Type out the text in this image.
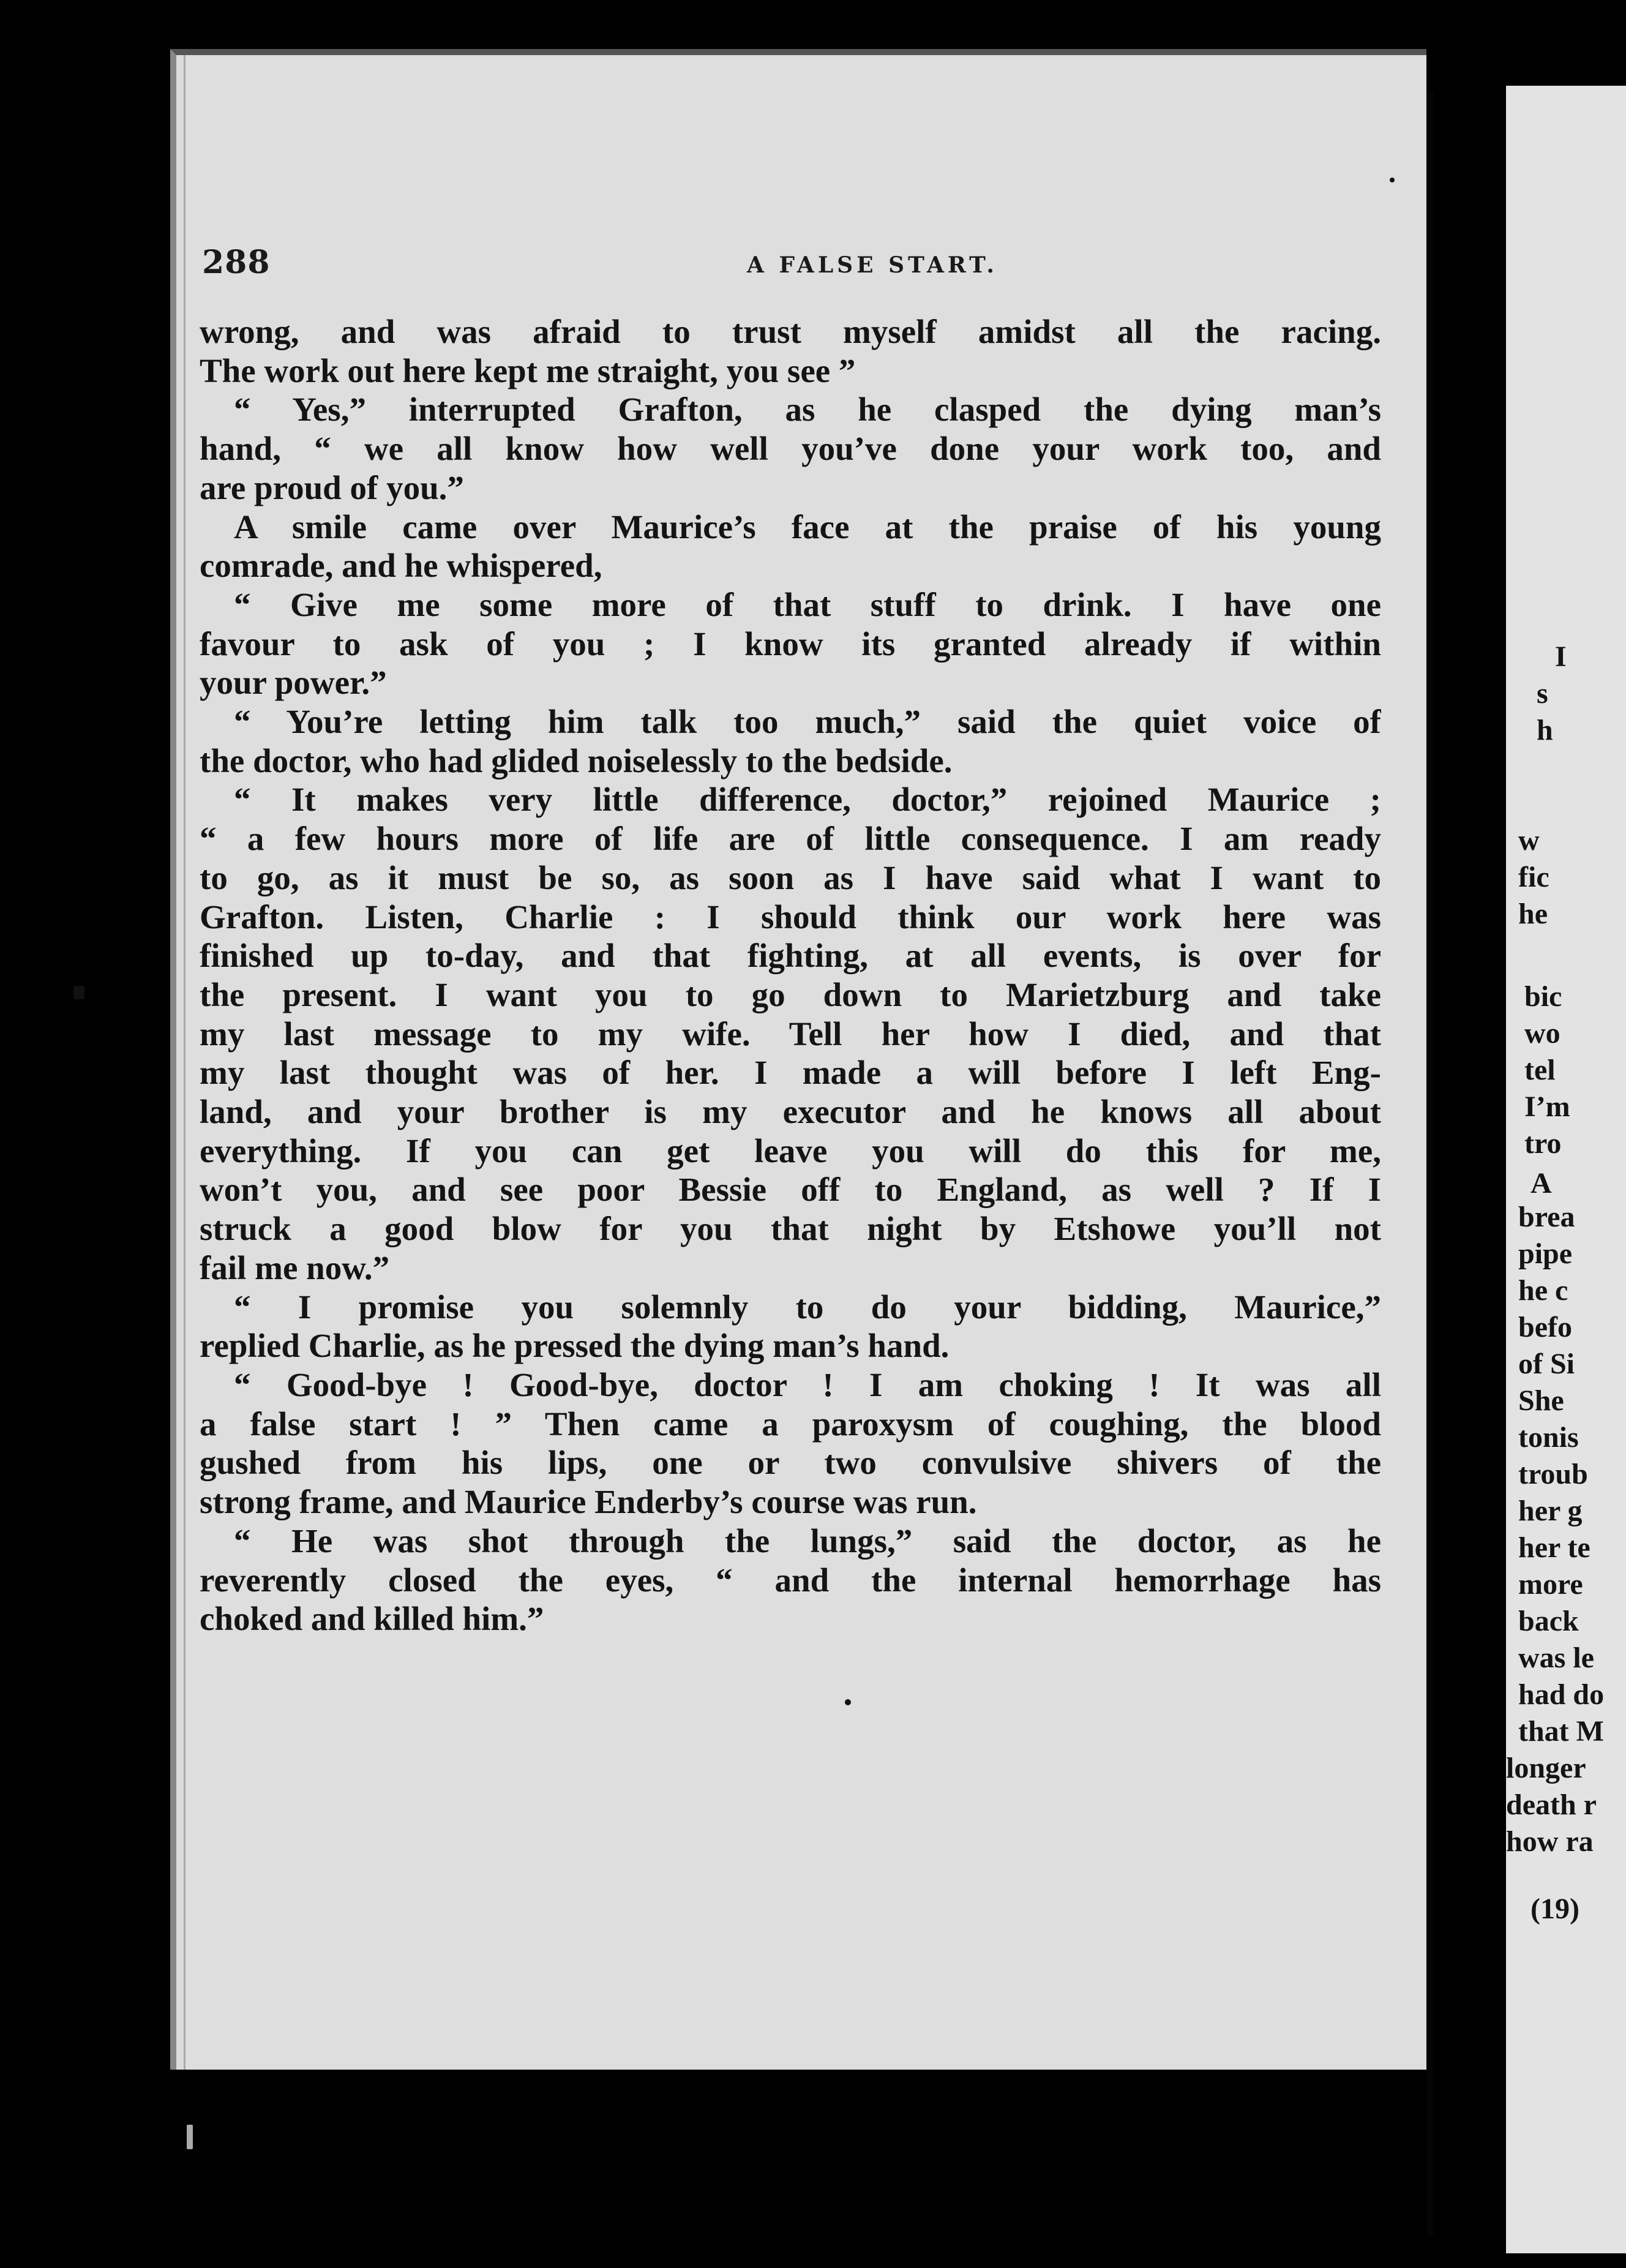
288	A FALSE START.
wrong, and was afraid to trust myself amidst all the racing.
The work out here kept me straight, you see ”
“ Yes,” interrupted Grafton, as he clasped the dying man’s
hand, “ we all know how well you’ve done your work too, and
are proud of you.”
A smile came over Maurice’s face at the praise of his young
comrade, and he whispered,
“ Give me some more of that stuff to drink. I have one
favour to ask of you ; I know its granted already if within
your power.”
“ You’re letting him talk too much,” said the quiet voice of
the doctor, who had glided noiselessly to the bedside.
“ It makes very little difference, doctor,” rejoined Maurice ;
“ a few hours more of life are of little consequence. I am ready
to go, as it must be so, as soon as I have said what I want to
Grafton. Listen, Charlie : I should think our work here was
finished up to-day, and that fighting, at all events, is over for
the present. I want you to go down to Marietzburg and take
my last message to my wife. Tell her how I died, and that
my last thought was of her. I made a will before I left Eng-
land, and your brother is my executor and he knows all about
everything. If you can get leave you will do this for me,
won’t you, and see poor Bessie off to England, as well ? If I
struck a good blow for you that night by Etshowe you’ll not
fail me now.”
“ I promise you solemnly to do your bidding, Maurice,”
replied Charlie, as he pressed the dying man’s hand.
“ Good-bye ! Good-bye, doctor ! I am choking ! It was all
a false start ! ” Then came a paroxysm of coughing, the blood
gushed from his lips, one or two convulsive shivers of the
strong frame, and Maurice Enderby’s course was run.
“ He was shot through the lungs,” said the doctor, as he
reverently closed the eyes, “ and the internal hemorrhage has
choked and killed him.”
I
s
h
w
fic
he
bic
wo
tel
I’m
tro
A
brea
pipe
he c
befo
of Si
She
tonis
troub
her g
her te
more
back
was le
had do
that M
longer
death r
how ra
(19)
